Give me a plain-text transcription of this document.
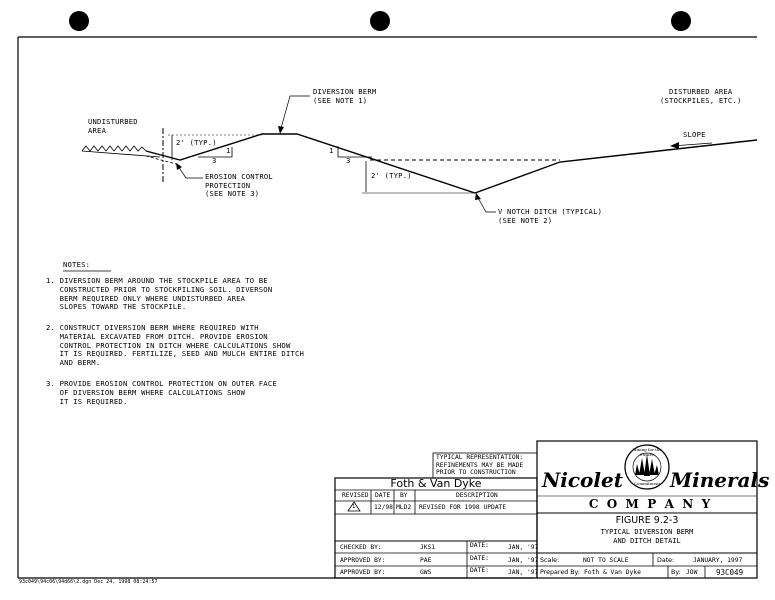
DIVERSION BERM
(SEE NOTE 1)
DISTURBED AREA
(STOCKPILES, ETC.)
UNDISTURBED
AREA	SLOPE
2' (TYP.)
1
3
1
3
2' (TYP.)
EROSION CONTROL
PROTECTION
(SEE NOTE 3)
V NOTCH DITCH (TYPICAL)
(SEE NOTE 2)
NOTES:
1. DIVERSION BERM AROUND THE STOCKPILE AREA TO BE
CONSTRUCTED PRIOR TO STOCKPILING SOIL. DIVERSON
BERM REQUIRED ONLY WHERE UNDISTURBED AREA
SLOPES TOWARD THE STOCKPILE.
2. CONSTRUCT DIVERSION BERM WHERE REQUIRED WITH
MATERIAL EXCAVATED FROM DITCH. PROVIDE EROSION
CONTROL PROTECTION IN DITCH WHERE CALCULATIONS SHOW
IT IS REQUIRED. FERTILIZE, SEED AND MULCH ENTIRE DITCH
AND BERM.
3. PROVIDE EROSION CONTROL PROTECTION ON OUTER FACE
OF DIVERSION BERM WHERE CALCULATIONS SHOW
IT IS REQUIRED.
TYPICAL REPRESENTATION:
REFINEMENTS MAY BE MADE
PRIOR TO CONSTRUCTION
Foth & Van Dyke
REVISED DATE BY	DESCRIPTION
1	12/98 MLD2 REVISED FOR 1998 UPDATE
CHECKED BY:	JKS1
APPROVED BY:	PAE
APPROVED BY:	GWS
DATE:	JAN, '97
DATE:	JAN, '97
DATE:	JAN, '97
Nicolet Minerals
C  O  M  P  A  N  Y
Mining for the Future
Commitment
FIGURE 9.2-3
TYPICAL DIVERSION BERM
AND DITCH DETAIL
Scale:	NOT TO SCALE	Date:	JANUARY, 1997
Prepared By: Foth & Van Dyke	By: JOW 93C049
93c049\94c06\94d66\2.dgn Dec 24, 1998 08:24:57
